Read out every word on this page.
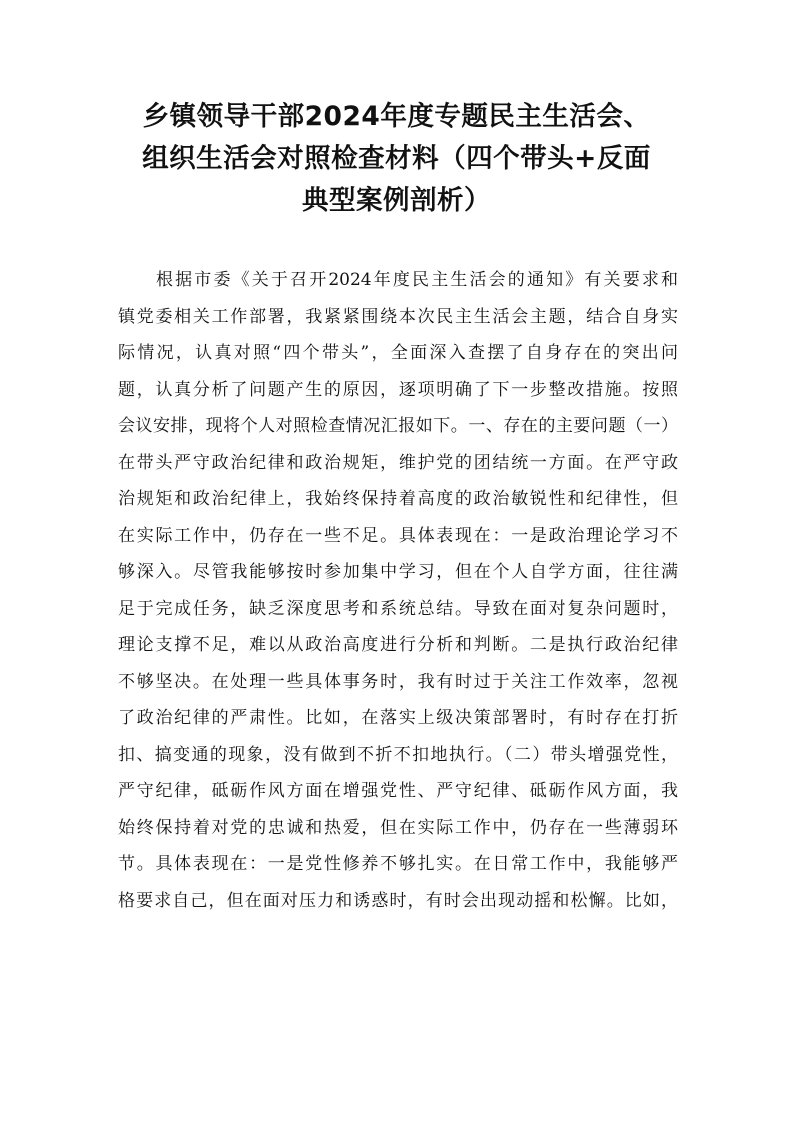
乡镇领导干部2024年度专题民主生活会、
组织生活会对照检查材料（四个带头+反面
典型案例剖析）
根据市委《关于召开2024年度民主生活会的通知》有关要求和
镇党委相关工作部署，我紧紧围绕本次民主生活会主题，结合自身实
际情况，认真对照“四个带头”，全面深入查摆了自身存在的突出问
题，认真分析了问题产生的原因，逐项明确了下一步整改措施。按照
会议安排，现将个人对照检查情况汇报如下。一、存在的主要问题（一）
在带头严守政治纪律和政治规矩，维护党的团结统一方面。在严守政
治规矩和政治纪律上，我始终保持着高度的政治敏锐性和纪律性，但
在实际工作中，仍存在一些不足。具体表现在：一是政治理论学习不
够深入。尽管我能够按时参加集中学习，但在个人自学方面，往往满
足于完成任务，缺乏深度思考和系统总结。导致在面对复杂问题时，
理论支撑不足，难以从政治高度进行分析和判断。二是执行政治纪律
不够坚决。在处理一些具体事务时，我有时过于关注工作效率，忽视
了政治纪律的严肃性。比如，在落实上级决策部署时，有时存在打折
扣、搞变通的现象，没有做到不折不扣地执行。（二）带头增强党性，
严守纪律，砥砺作风方面在增强党性、严守纪律、砥砺作风方面，我
始终保持着对党的忠诚和热爱，但在实际工作中，仍存在一些薄弱环
节。具体表现在：一是党性修养不够扎实。在日常工作中，我能够严
格要求自己，但在面对压力和诱惑时，有时会出现动摇和松懈。比如，
